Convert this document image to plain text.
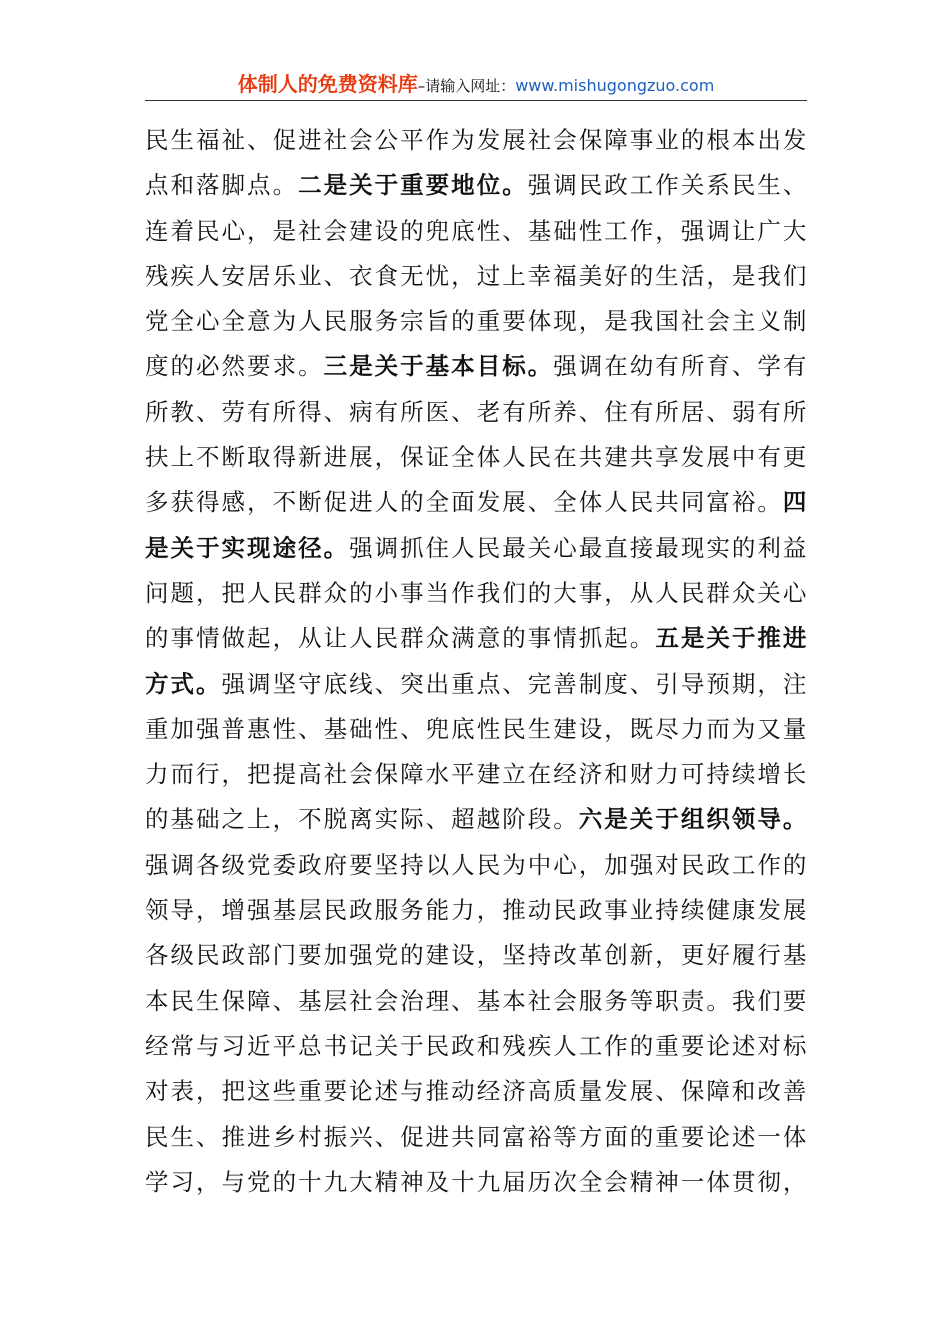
体制人的免费资料库–请输入网址：www.mishugongzuo.com
民生福祉、促进社会公平作为发展社会保障事业的根本出发
点和落脚点。二是关于重要地位。强调民政工作关系民生、
连着民心，是社会建设的兜底性、基础性工作，强调让广大
残疾人安居乐业、衣食无忧，过上幸福美好的生活，是我们
党全心全意为人民服务宗旨的重要体现，是我国社会主义制
度的必然要求。三是关于基本目标。强调在幼有所育、学有
所教、劳有所得、病有所医、老有所养、住有所居、弱有所
扶上不断取得新进展，保证全体人民在共建共享发展中有更
多获得感，不断促进人的全面发展、全体人民共同富裕。四
是关于实现途径。强调抓住人民最关心最直接最现实的利益
问题，把人民群众的小事当作我们的大事，从人民群众关心
的事情做起，从让人民群众满意的事情抓起。五是关于推进
方式。强调坚守底线、突出重点、完善制度、引导预期，注
重加强普惠性、基础性、兜底性民生建设，既尽力而为又量
力而行，把提高社会保障水平建立在经济和财力可持续增长
的基础之上，不脱离实际、超越阶段。六是关于组织领导。
强调各级党委政府要坚持以人民为中心，加强对民政工作的
领导，增强基层民政服务能力，推动民政事业持续健康发展
各级民政部门要加强党的建设，坚持改革创新，更好履行基
本民生保障、基层社会治理、基本社会服务等职责。我们要
经常与习近平总书记关于民政和残疾人工作的重要论述对标
对表，把这些重要论述与推动经济高质量发展、保障和改善
民生、推进乡村振兴、促进共同富裕等方面的重要论述一体
学习，与党的十九大精神及十九届历次全会精神一体贯彻，
